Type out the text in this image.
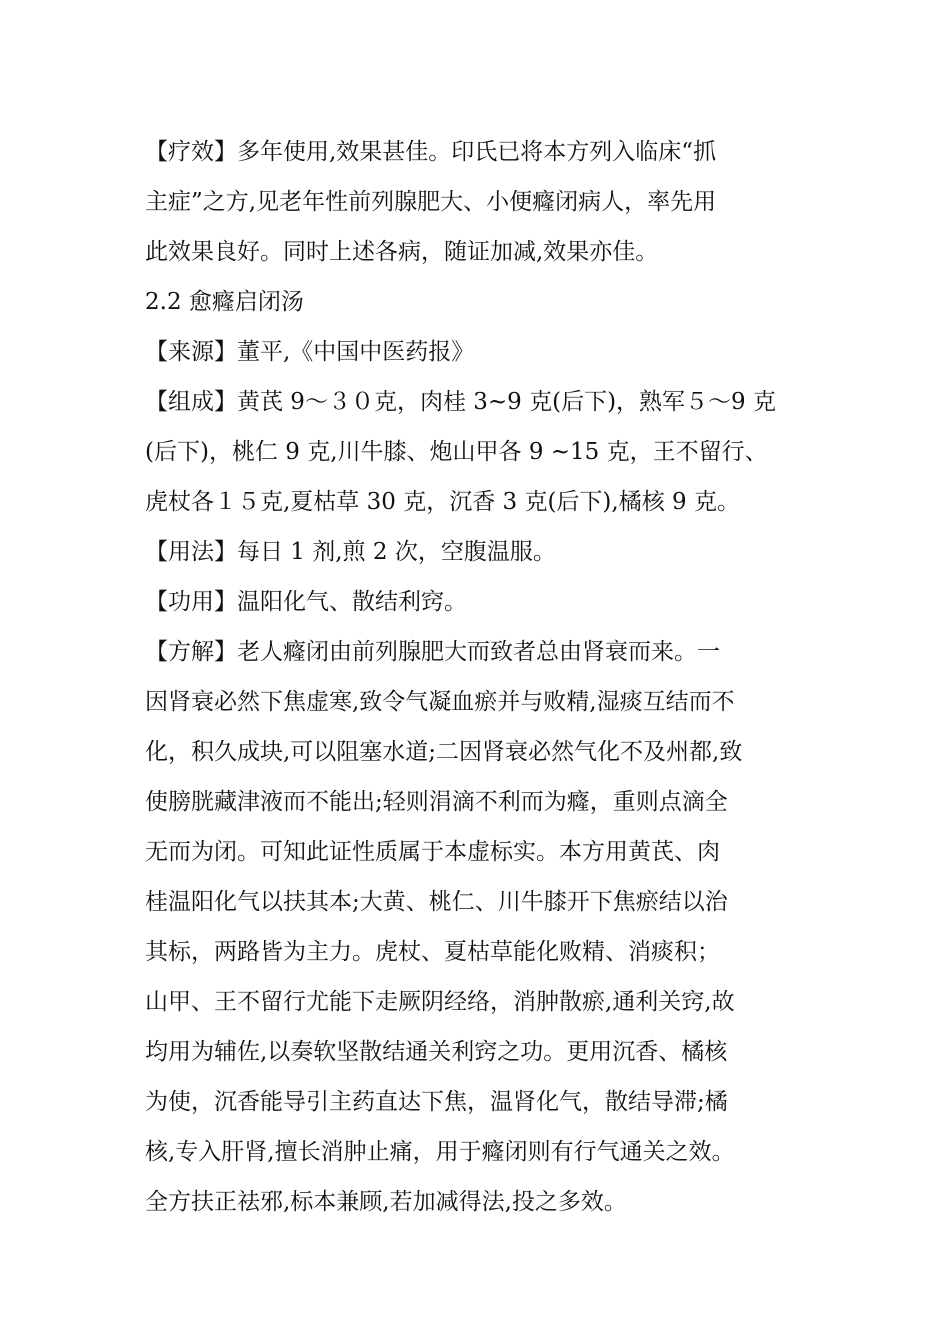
【疗效】多年使用,效果甚佳。印氏已将本方列入临床“抓
主症”之方,见老年性前列腺肥大、小便癃闭病人，率先用
此效果良好。同时上述各病，随证加减,效果亦佳。
2.2 愈癃启闭汤
【来源】董平,《中国中医药报》
【组成】黄芪 9～３０克，肉桂 3~9 克(后下)，熟军５～9 克
(后下)，桃仁 9 克,川牛膝、炮山甲各 9 ~15 克，王不留行、
虎杖各１５克,夏枯草 30 克，沉香 3 克(后下),橘核 9 克。
【用法】每日 1 剂,煎 2 次，空腹温服。
【功用】温阳化气、散结利窍。
【方解】老人癃闭由前列腺肥大而致者总由肾衰而来。一
因肾衰必然下焦虚寒,致令气凝血瘀并与败精,湿痰互结而不
化，积久成块,可以阻塞水道;二因肾衰必然气化不及州都,致
使膀胱藏津液而不能出;轻则涓滴不利而为癃，重则点滴全
无而为闭。可知此证性质属于本虚标实。本方用黄芪、肉
桂温阳化气以扶其本;大黄、桃仁、川牛膝开下焦瘀结以治
其标，两路皆为主力。虎杖、夏枯草能化败精、消痰积；
山甲、王不留行尤能下走厥阴经络，消肿散瘀,通利关窍,故
均用为辅佐,以奏软坚散结通关利窍之功。更用沉香、橘核
为使，沉香能导引主药直达下焦，温肾化气，散结导滞;橘
核,专入肝肾,擅长消肿止痛，用于癃闭则有行气通关之效。
全方扶正祛邪,标本兼顾,若加减得法,投之多效。
